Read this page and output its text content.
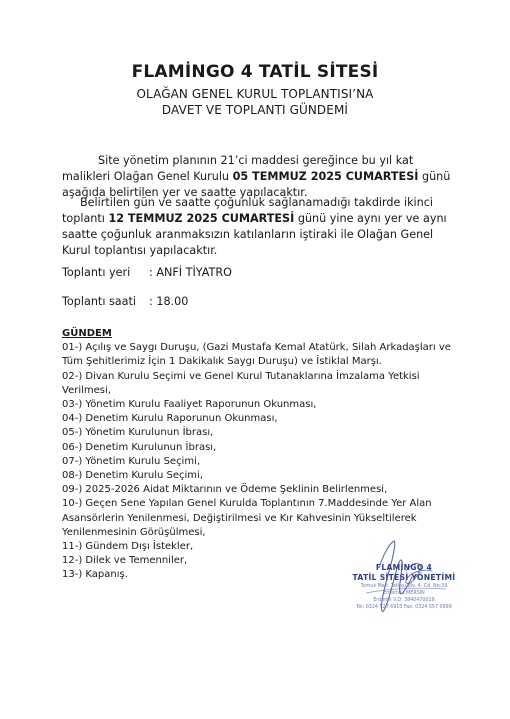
FLAMİNGO 4 TATİL SİTESİ
OLAĞAN GENEL KURUL TOPLANTISI’NA
DAVET VE TOPLANTI GÜNDEMİ
Site yönetim planının 21’ci maddesi gereğince bu yıl kat malikleri Olağan Genel Kurulu 05 TEMMUZ 2025 CUMARTESİ günü aşağıda belirtilen yer ve saatte yapılacaktır.
Belirtilen gün ve saatte çoğunluk sağlanamadığı takdirde ikinci toplantı 12 TEMMUZ 2025 CUMARTESİ günü yine aynı yer ve aynı saatte çoğunluk aranmaksızın katılanların iştiraki ile Olağan Genel Kurul toplantısı yapılacaktır.
Toplantı yeri : ANFİ TİYATRO
Toplantı saati : 18.00
GÜNDEM
01-) Açılış ve Saygı Duruşu, (Gazi Mustafa Kemal Atatürk, Silah Arkadaşları ve Tüm Şehitlerimiz İçin 1 Dakikalık Saygı Duruşu) ve İstiklal Marşı.
02-) Divan Kurulu Seçimi ve Genel Kurul Tutanaklarına İmzalama Yetkisi Verilmesi,
03-) Yönetim Kurulu Faaliyet Raporunun Okunması,
04-) Denetim Kurulu Raporunun Okunması,
05-) Yönetim Kurulunun İbrası,
06-) Denetim Kurulunun İbrası,
07-) Yönetim Kurulu Seçimi,
08-) Denetim Kurulu Seçimi,
09-) 2025-2026 Aidat Miktarının ve Ödeme Şeklinin Belirlenmesi,
10-) Geçen Sene Yapılan Genel Kurulda Toplantının 7.Maddesinde Yer Alan Asansörlerin Yenilenmesi, Değiştirilmesi ve Kır Kahvesinin Yükseltilerek Yenilenmesinin Görüşülmesi,
11-) Gündem Dışı İstekler,
12-) Dilek ve Temenniler,
13-) Kapanış.
FLAMİNGO 4
TATİL SİTESİ YÖNETİMİ
Tomuk Mah. Tatlısu Blv. 4. Cd. No:39
Erdemli / MERSİN
Erdemli V.D. 3840470019
Tel: 0324 527 6910 Fax: 0324 557 0999
